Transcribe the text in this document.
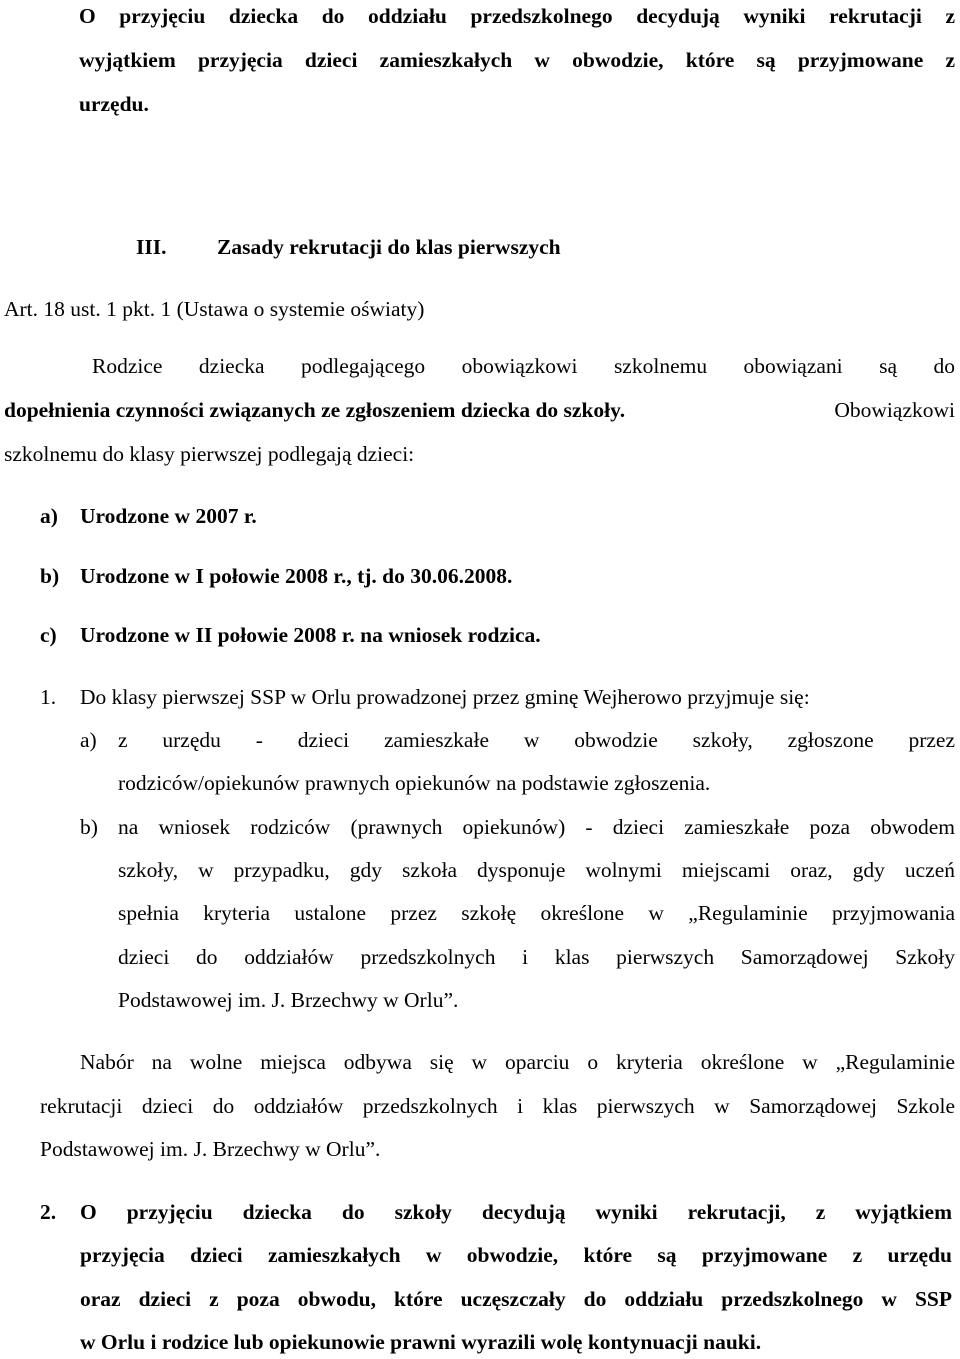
O przyjęciu dziecka do oddziału przedszkolnego decydują wyniki rekrutacji z
wyjątkiem przyjęcia dzieci zamieszkałych w obwodzie, które są przyjmowane z
urzędu.
III. Zasady rekrutacji do klas pierwszych
Art. 18 ust. 1 pkt. 1 (Ustawa o systemie oświaty)
Rodzice dziecka podlegającego obowiązkowi szkolnemu obowiązani są do
dopełnienia czynności związanych ze zgłoszeniem dziecka do szkoły.	Obowiązkowi
szkolnemu do klasy pierwszej podlegają dzieci:
a) Urodzone w 2007 r.
b) Urodzone w I połowie 2008 r., tj. do 30.06.2008.
c) Urodzone w II połowie 2008 r. na wniosek rodzica.
1. Do klasy pierwszej SSP w Orlu prowadzonej przez gminę Wejherowo przyjmuje się:
a) z urzędu - dzieci zamieszkałe w obwodzie szkoły, zgłoszone przez
rodziców/opiekunów prawnych opiekunów na podstawie zgłoszenia.
b) na wniosek rodziców (prawnych opiekunów) - dzieci zamieszkałe poza obwodem
szkoły, w przypadku, gdy szkoła dysponuje wolnymi miejscami oraz, gdy uczeń
spełnia kryteria ustalone przez szkołę określone w „Regulaminie przyjmowania
dzieci do oddziałów przedszkolnych i klas pierwszych Samorządowej Szkoły
Podstawowej im. J. Brzechwy w Orlu”.
Nabór na wolne miejsca odbywa się w oparciu o kryteria określone w „Regulaminie
rekrutacji dzieci do oddziałów przedszkolnych i klas pierwszych w Samorządowej Szkole
Podstawowej im. J. Brzechwy w Orlu”.
2. O przyjęciu dziecka do szkoły decydują wyniki rekrutacji, z wyjątkiem
przyjęcia dzieci zamieszkałych w obwodzie, które są przyjmowane z urzędu
oraz dzieci z poza obwodu, które uczęszczały do oddziału przedszkolnego w SSP
w Orlu i rodzice lub opiekunowie prawni wyrazili wolę kontynuacji nauki.
